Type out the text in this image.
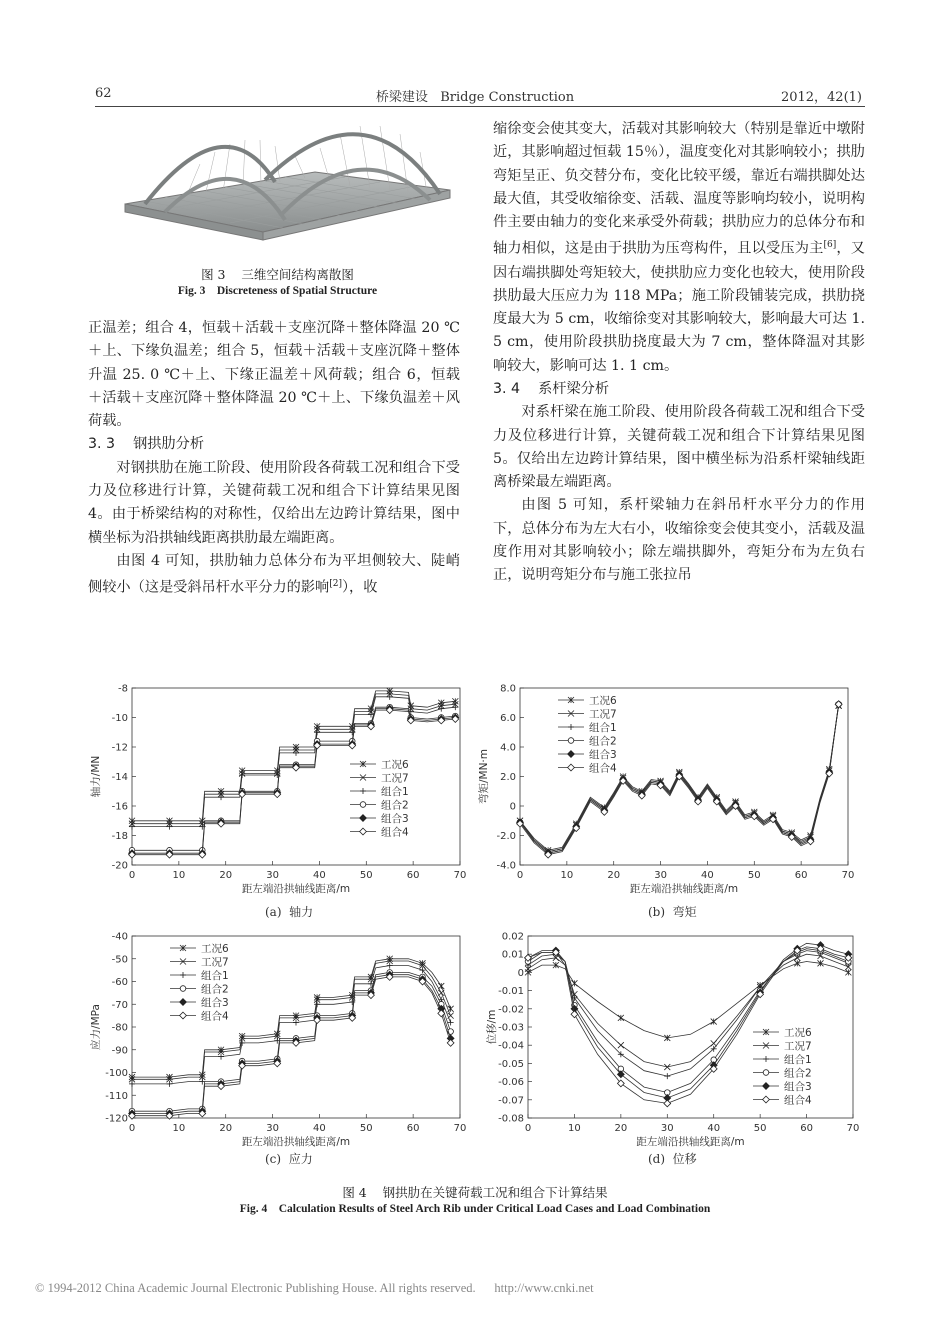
62	桥梁建设   Bridge Construction	2012，42(1)
图 3    三维空间结构离散图
Fig. 3    Discreteness of Spatial Structure

正温差；组合 4，恒载＋活载＋支座沉降＋整体降温 20 ℃＋上、下缘负温差；组合 5，恒载＋活载＋支座沉降＋整体升温 25. 0 ℃＋上、下缘正温差＋风荷载；组合 6，恒载＋活载＋支座沉降＋整体降温 20 ℃＋上、下缘负温差＋风荷载。

3. 3    钢拱肋分析

对钢拱肋在施工阶段、使用阶段各荷载工况和组合下受力及位移进行计算，关键荷载工况和组合下计算结果见图 4。由于桥梁结构的对称性，仅给出左边跨计算结果，图中横坐标为沿拱轴线距离拱肋最左端距离。

由图 4 可知，拱肋轴力总体分布为平坦侧较大、陡峭侧较小（这是受斜吊杆水平分力的影响[2]），收

缩徐变会使其变大，活载对其影响较大（特别是靠近中墩附近，其影响超过恒载 15％），温度变化对其影响较小；拱肋弯矩呈正、负交替分布，变化比较平缓，靠近右端拱脚处达最大值，其受收缩徐变、活载、温度等影响均较小，说明构件主要由轴力的变化来承受外荷载；拱肋应力的总体分布和轴力相似，这是由于拱肋为压弯构件，且以受压为主[6]，又因右端拱脚处弯矩较大，使拱肋应力变化也较大，使用阶段拱肋最大压应力为 118 MPa；施工阶段铺装完成，拱肋挠度最大为 5 cm，收缩徐变对其影响较大，影响最大可达 1. 5 cm，使用阶段拱肋挠度最大为 7 cm，整体降温对其影响较大，影响可达 1. 1 cm。

3. 4    系杆梁分析

对系杆梁在施工阶段、使用阶段各荷载工况和组合下受力及位移进行计算，关键荷载工况和组合下计算结果见图 5。仅给出左边跨计算结果，图中横坐标为沿系杆梁轴线距离桥梁最左端距离。

由图 5 可知，系杆梁轴力在斜吊杆水平分力的作用下，总体分布为左大右小，收缩徐变会使其变小，活载及温度作用对其影响较小；除左端拱脚外，弯矩分布为左负右正，说明弯矩分布与施工张拉吊

0	10	20	30	40	50	60	70
-8
-10
-12
-14
-16
-18
-20
距左端沿拱轴线距离/m
轴力/MN	工况6
工况7
组合1
组合2
组合3
组合4
(a)  轴力
0	10	20	30	40	50	60	70
8.0
6.0
4.0
2.0
0
-2.0
-4.0
距左端沿拱轴线距离/m
弯矩/MN·m
工况6
工况7
组合1
组合2
组合3
组合4
(b)  弯矩
0	10	20	30	40	50	60	70
-40
-50
-60
-70
-80
-90
-100
-110
-120
距左端沿拱轴线距离/m
应力/MPa
工况6
工况7
组合1
组合2
组合3
组合4
(c)  应力
0	10	20	30	40	50	60	70
0.02
0.01
0
-0.01
-0.02
-0.03
-0.04
-0.05
-0.06
-0.07
-0.08
距左端沿拱轴线距离/m
位移/m	工况6
工况7
组合1
组合2
组合3
组合4
(d)  位移
图 4    钢拱肋在关键荷载工况和组合下计算结果
Fig. 4    Calculation Results of Steel Arch Rib under Critical Load Cases and Load Combination
© 1994-2012 China Academic Journal Electronic Publishing House. All rights reserved.      http://www.cnki.net
